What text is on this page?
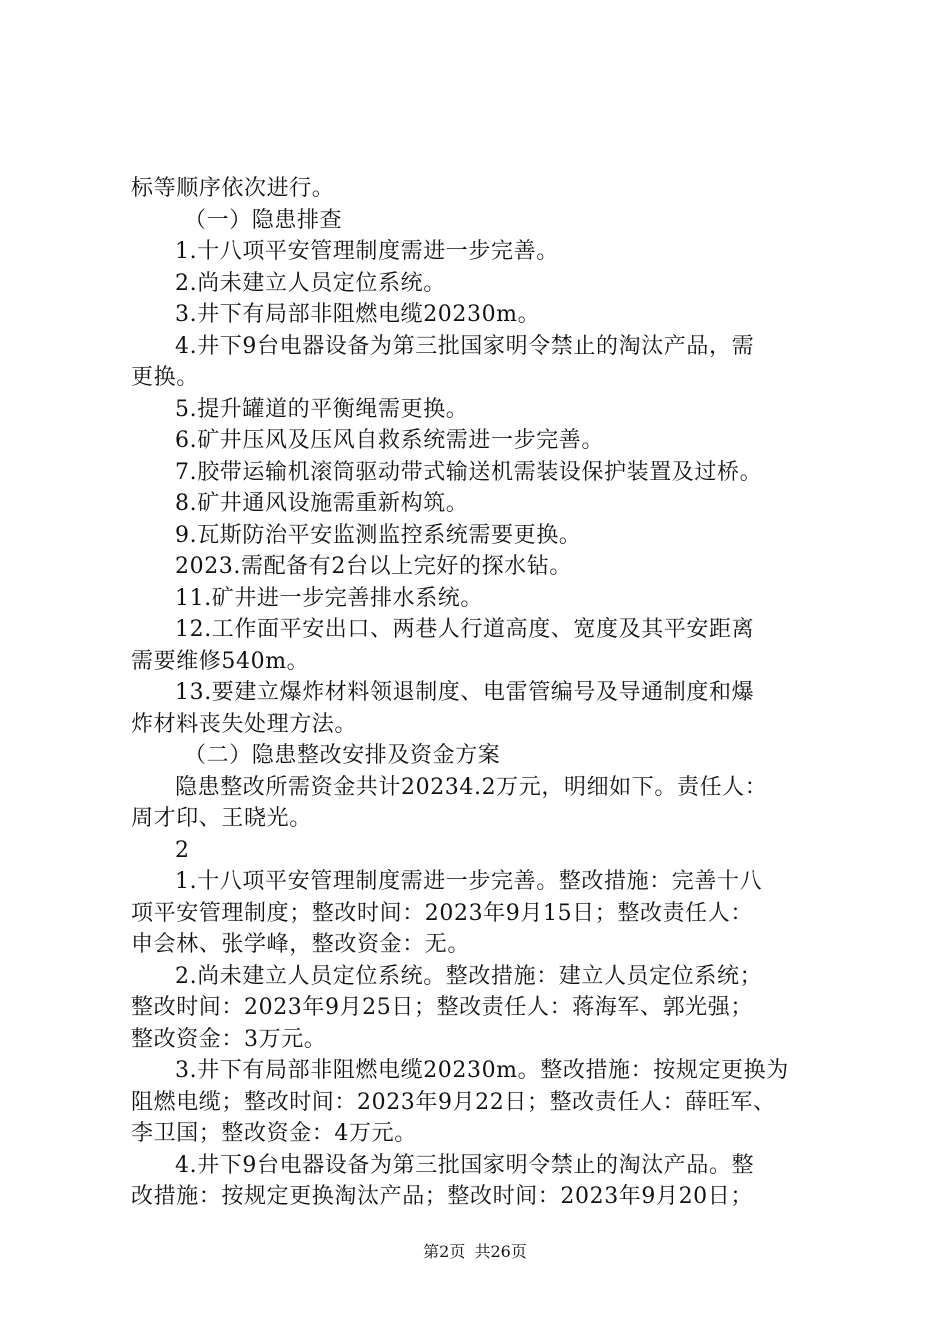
标等顺序依次进行。
（一）隐患排查
1.十八项平安管理制度需进一步完善。
2.尚未建立人员定位系统。
3.井下有局部非阻燃电缆20230m。
4.井下9台电器设备为第三批国家明令禁止的淘汰产品，需
更换。
5.提升罐道的平衡绳需更换。
6.矿井压风及压风自救系统需进一步完善。
7.胶带运输机滚筒驱动带式输送机需装设保护装置及过桥。
8.矿井通风设施需重新构筑。
9.瓦斯防治平安监测监控系统需要更换。
2023.需配备有2台以上完好的探水钻。
11.矿井进一步完善排水系统。
12.工作面平安出口、两巷人行道高度、宽度及其平安距离
需要维修540m。
13.要建立爆炸材料领退制度、电雷管编号及导通制度和爆
炸材料丧失处理方法。
（二）隐患整改安排及资金方案
隐患整改所需资金共计20234.2万元，明细如下。责任人：
周才印、王晓光。
2
1.十八项平安管理制度需进一步完善。整改措施：完善十八
项平安管理制度；整改时间：2023年9月15日；整改责任人：
申会林、张学峰，整改资金：无。
2.尚未建立人员定位系统。整改措施：建立人员定位系统；
整改时间：2023年9月25日；整改责任人：蒋海军、郭光强；
整改资金：3万元。
3.井下有局部非阻燃电缆20230m。整改措施：按规定更换为
阻燃电缆；整改时间：2023年9月22日；整改责任人：薛旺军、
李卫国；整改资金：4万元。
4.井下9台电器设备为第三批国家明令禁止的淘汰产品。整
改措施：按规定更换淘汰产品；整改时间：2023年9月20日；
第2页 共26页
